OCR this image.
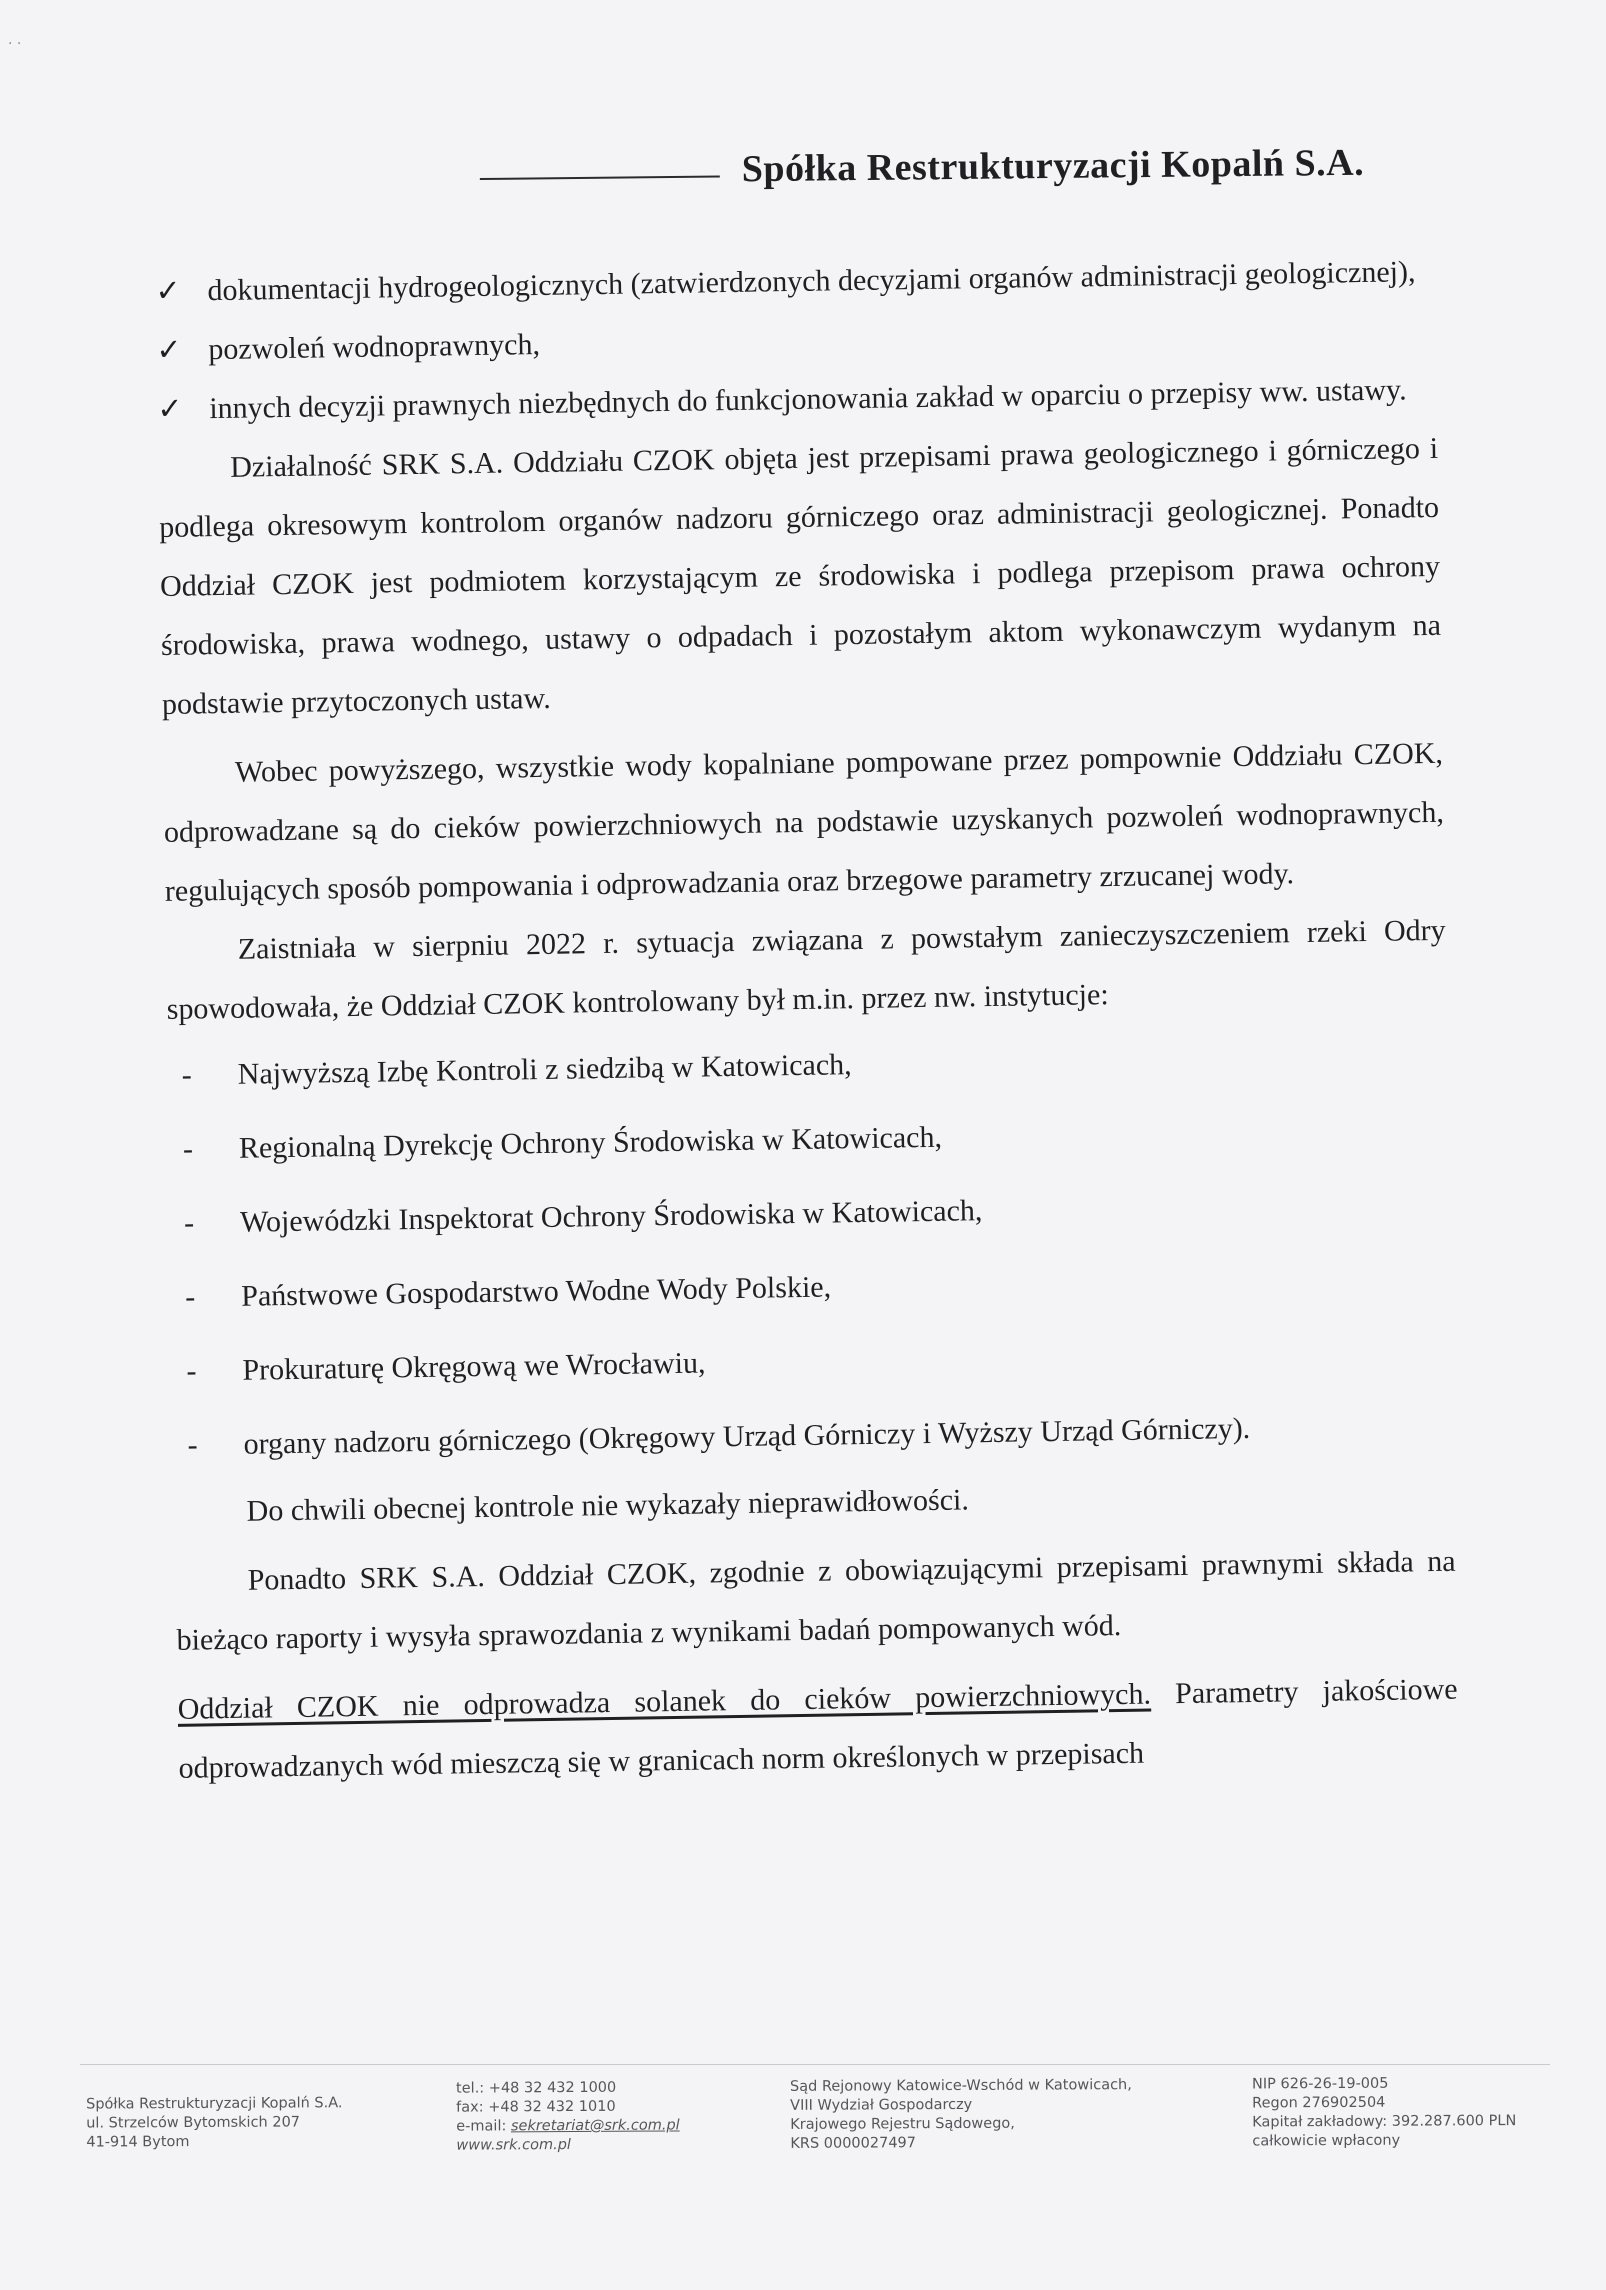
· ·
Spółka Restrukturyzacji Kopalń S.A.
✓ dokumentacji hydrogeologicznych (zatwierdzonych decyzjami organów administracji geologicznej),
✓ pozwoleń wodnoprawnych,
✓ innych decyzji prawnych niezbędnych do funkcjonowania zakład w oparciu o przepisy ww. ustawy.

Działalność SRK S.A. Oddziału CZOK objęta jest przepisami prawa geologicznego i górniczego i podlega okresowym kontrolom organów nadzoru górniczego oraz administracji geologicznej. Ponadto Oddział CZOK jest podmiotem korzystającym ze środowiska i podlega przepisom prawa ochrony środowiska, prawa wodnego, ustawy o odpadach i pozostałym aktom wykonawczym wydanym na podstawie przytoczonych ustaw.

Wobec powyższego, wszystkie wody kopalniane pompowane przez pompownie Oddziału CZOK, odprowadzane są do cieków powierzchniowych na podstawie uzyskanych pozwoleń wodnoprawnych, regulujących sposób pompowania i odprowadzania oraz brzegowe parametry zrzucanej wody.

Zaistniała w sierpniu 2022 r. sytuacja związana z powstałym zanieczyszczeniem rzeki Odry spowodowała, że Oddział CZOK kontrolowany był m.in. przez nw. instytucje:

- Najwyższą Izbę Kontroli z siedzibą w Katowicach,
- Regionalną Dyrekcję Ochrony Środowiska w Katowicach,
- Wojewódzki Inspektorat Ochrony Środowiska w Katowicach,
- Państwowe Gospodarstwo Wodne Wody Polskie,
- Prokuraturę Okręgową we Wrocławiu,
- organy nadzoru górniczego (Okręgowy Urząd Górniczy i Wyższy Urząd Górniczy).

Do chwili obecnej kontrole nie wykazały nieprawidłowości.

Ponadto SRK S.A. Oddział CZOK, zgodnie z obowiązującymi przepisami prawnymi składa na bieżąco raporty i wysyła sprawozdania z wynikami badań pompowanych wód.

Oddział CZOK nie odprowadza solanek do cieków powierzchniowych. Parametry jakościowe odprowadzanych wód mieszczą się w granicach norm określonych w przepisach

Spółka Restrukturyzacji Kopalń S.A.
ul. Strzelców Bytomskich 207
41-914 Bytom
tel.: +48 32 432 1000
fax: +48 32 432 1010
e-mail: sekretariat@srk.com.pl
www.srk.com.pl
Sąd Rejonowy Katowice-Wschód w Katowicach,
VIII Wydział Gospodarczy
Krajowego Rejestru Sądowego,
KRS 0000027497
NIP 626-26-19-005
Regon 276902504
Kapitał zakładowy: 392.287.600 PLN
całkowicie wpłacony
